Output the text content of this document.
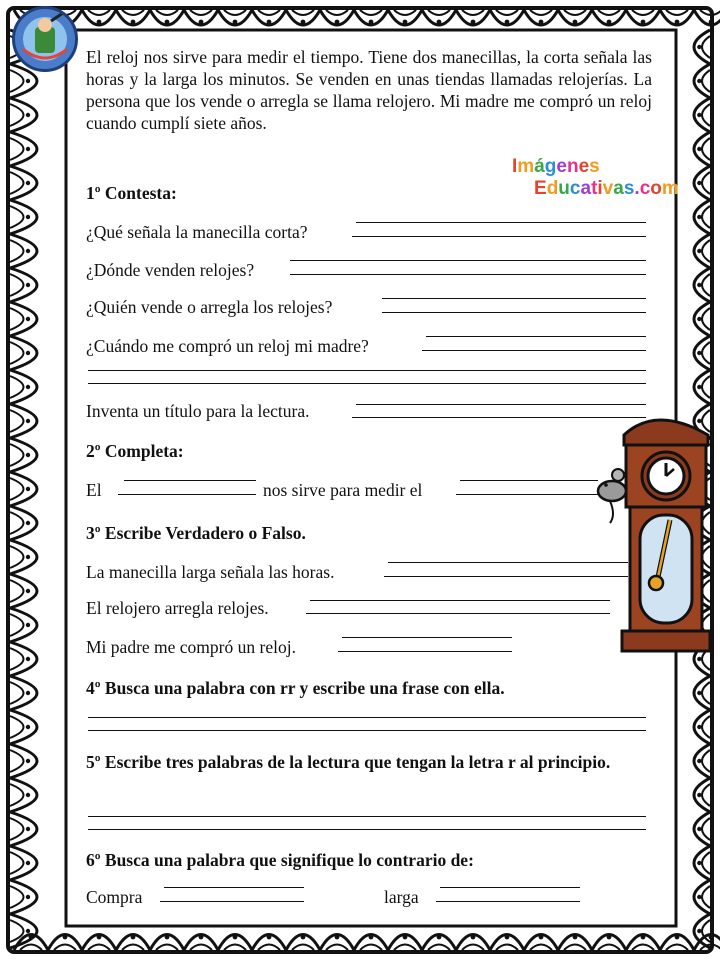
Imágenes
Educativas.com

El reloj nos sirve para medir el tiempo. Tiene dos manecillas, la corta señala las horas y la larga los minutos. Se venden en unas tiendas llamadas relojerías. La persona que los vende o arregla se llama relojero. Mi madre me compró un reloj cuando cumplí siete años.

1º Contesta:
¿Qué señala la manecilla corta?
¿Dónde venden relojes?
¿Quién vende o arregla los relojes?
¿Cuándo me compró un reloj mi madre?
Inventa un título para la lectura.
2º Completa:
El	nos sirve para medir el
3º Escribe Verdadero o Falso.
La manecilla larga señala las horas.
El relojero arregla relojes.
Mi padre me compró un reloj.
4º Busca una palabra con rr y escribe una frase con ella.
5º Escribe tres palabras de la lectura que tengan la letra r al principio.
6º Busca una palabra que signifique lo contrario de:
Compra	larga
